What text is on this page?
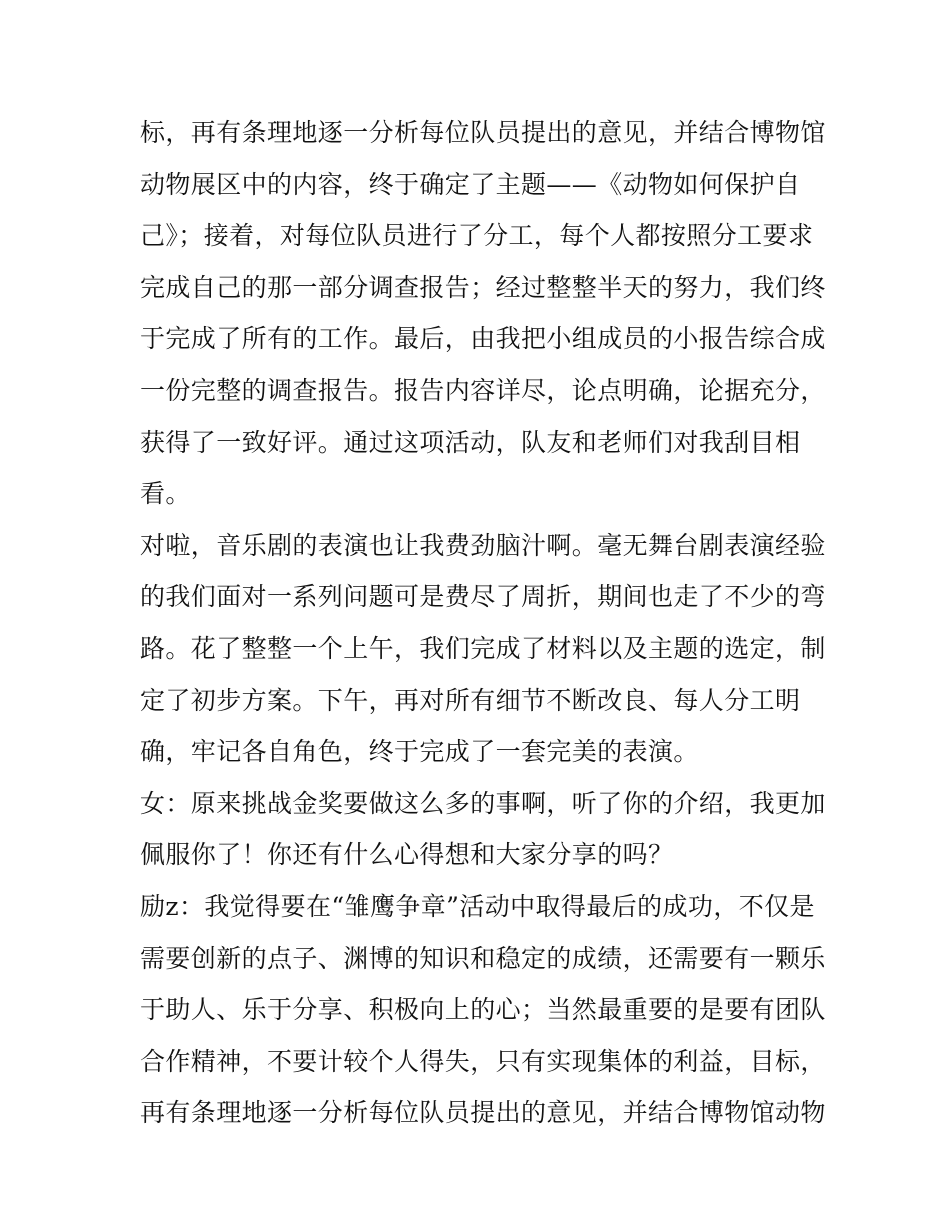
标，再有条理地逐一分析每位队员提出的意见，并结合博物馆
动物展区中的内容，终于确定了主题——《动物如何保护自
己》；接着，对每位队员进行了分工，每个人都按照分工要求
完成自己的那一部分调查报告；经过整整半天的努力，我们终
于完成了所有的工作。最后，由我把小组成员的小报告综合成
一份完整的调查报告。报告内容详尽，论点明确，论据充分，
获得了一致好评。通过这项活动，队友和老师们对我刮目相
看。
对啦，音乐剧的表演也让我费劲脑汁啊。毫无舞台剧表演经验
的我们面对一系列问题可是费尽了周折，期间也走了不少的弯
路。花了整整一个上午，我们完成了材料以及主题的选定，制
定了初步方案。下午，再对所有细节不断改良、每人分工明
确，牢记各自角色，终于完成了一套完美的表演。
女：原来挑战金奖要做这么多的事啊，听了你的介绍，我更加
佩服你了！你还有什么心得想和大家分享的吗？
励z：我觉得要在“雏鹰争章”活动中取得最后的成功，不仅是
需要创新的点子、渊博的知识和稳定的成绩，还需要有一颗乐
于助人、乐于分享、积极向上的心；当然最重要的是要有团队
合作精神，不要计较个人得失，只有实现集体的利益，目标，
再有条理地逐一分析每位队员提出的意见，并结合博物馆动物
